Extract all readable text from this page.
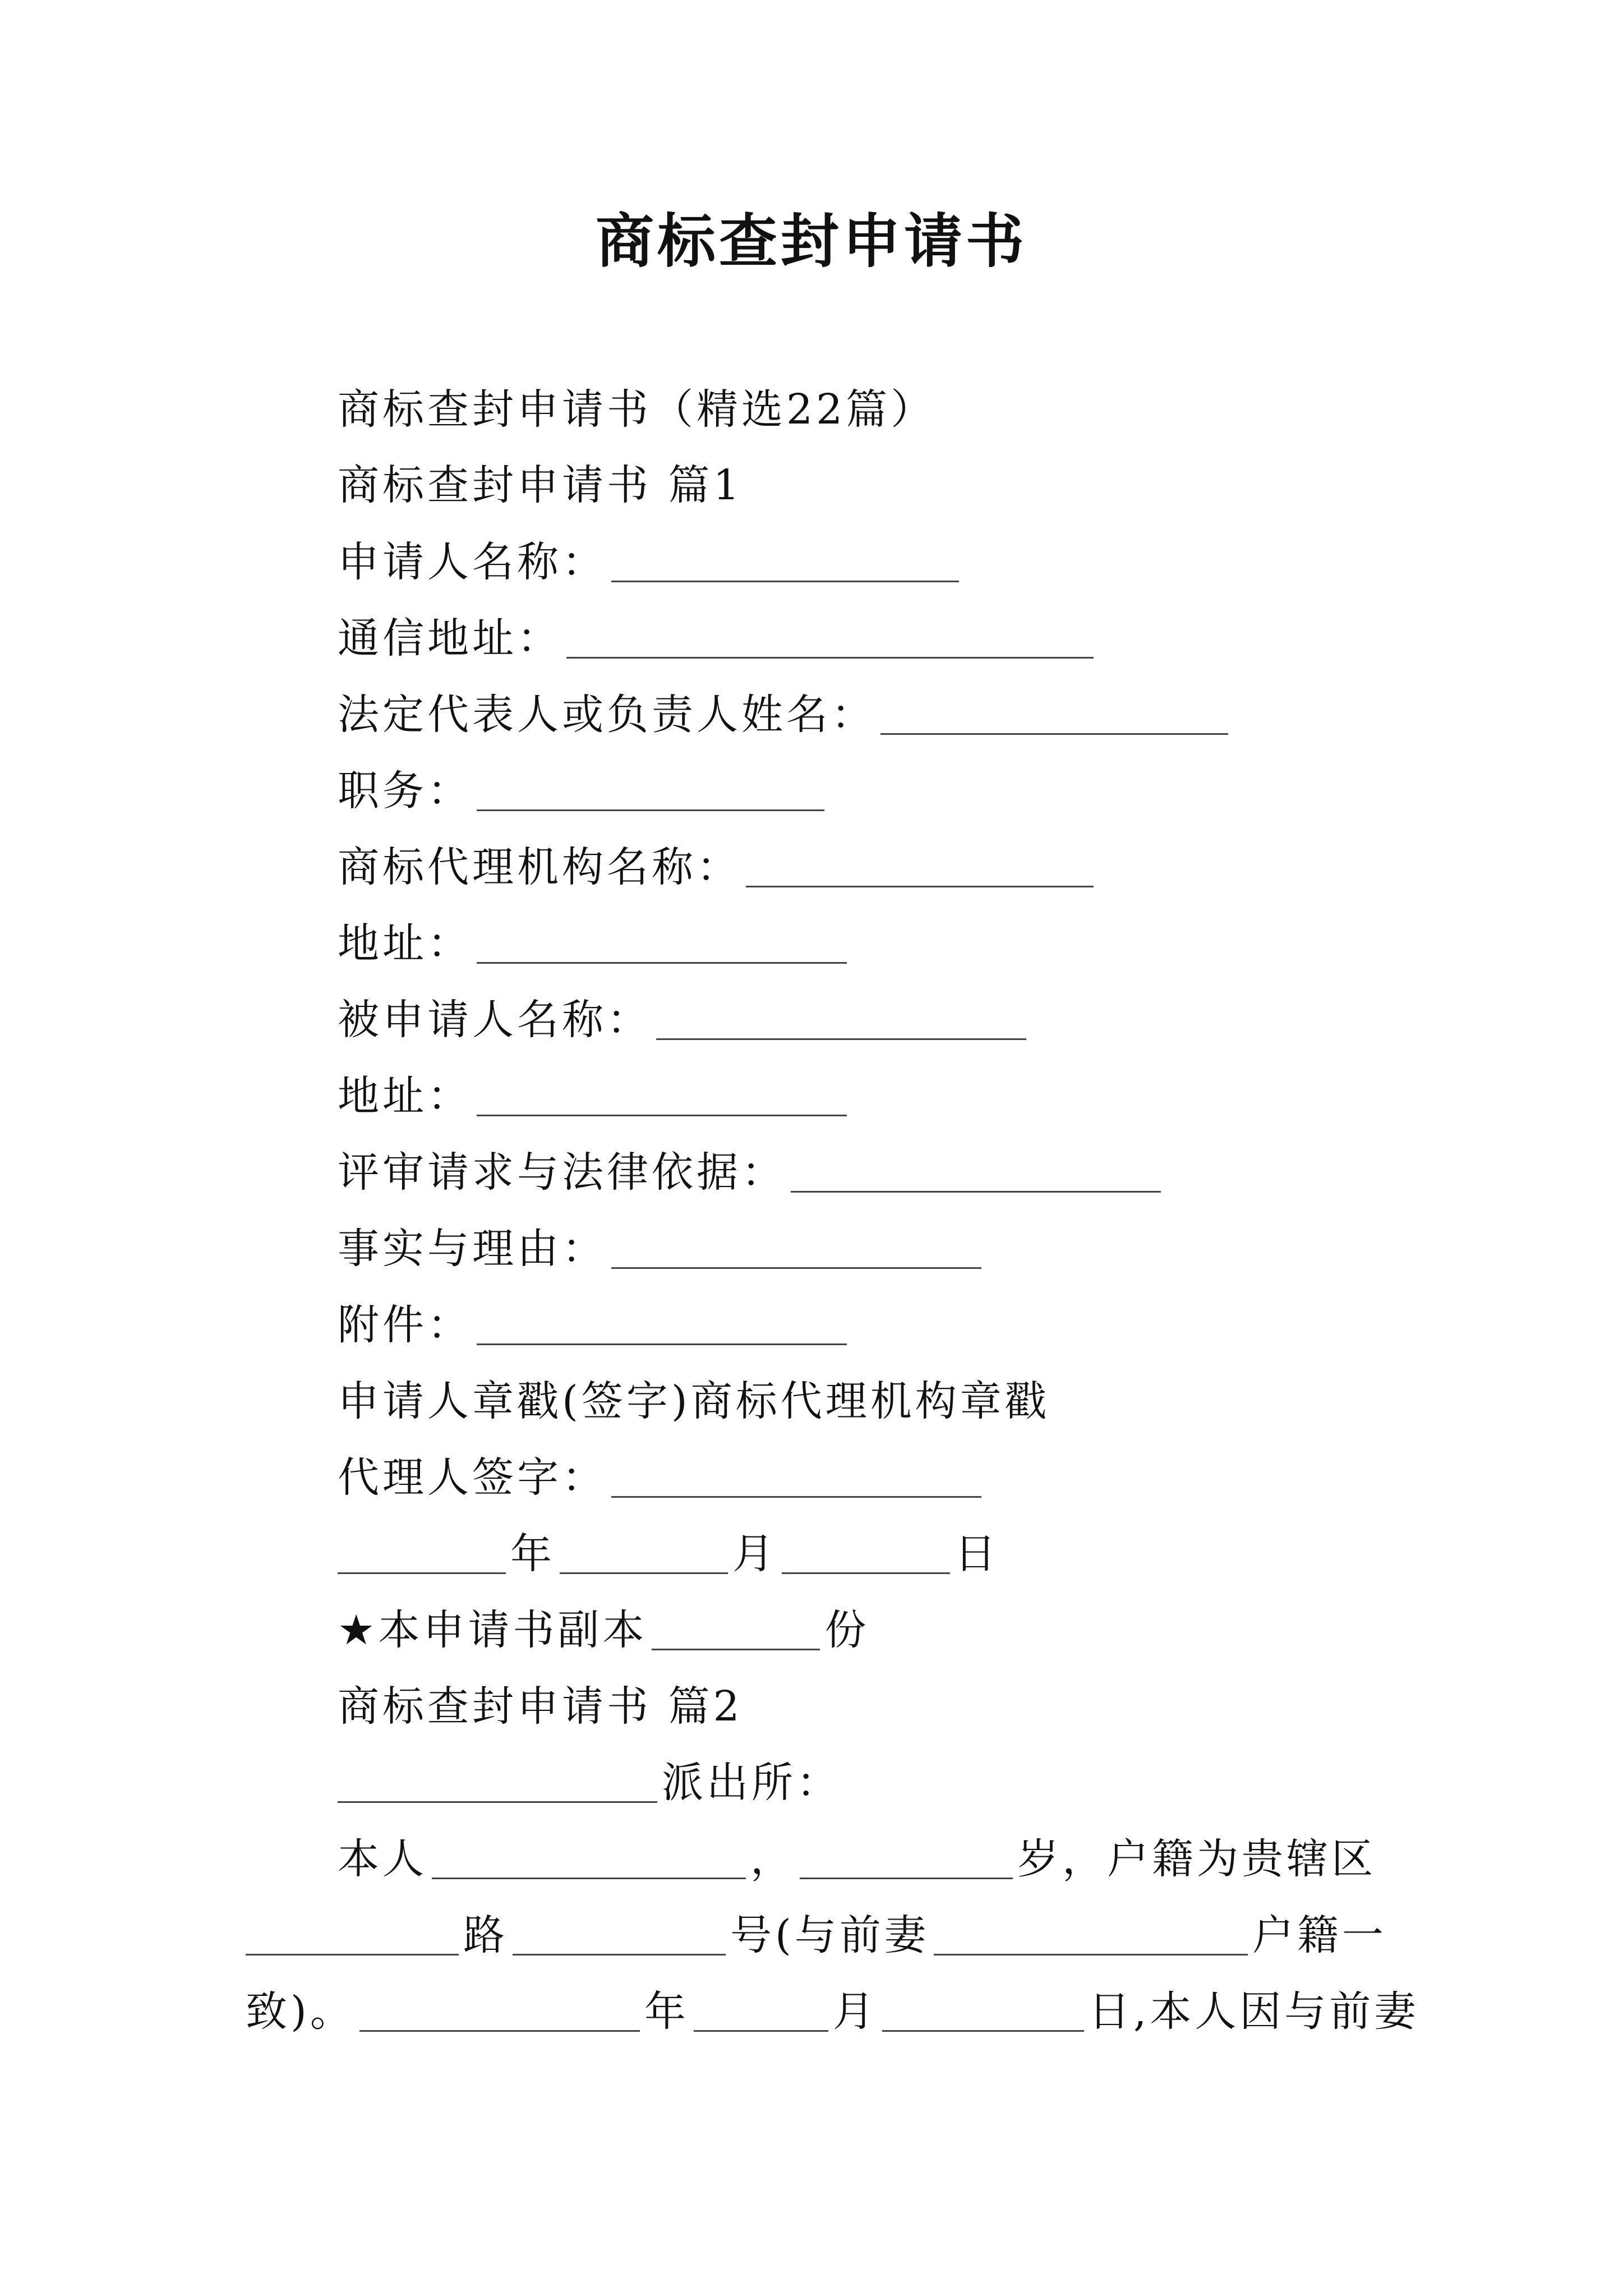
商标查封申请书
商标查封申请书（精选22篇）
商标查封申请书 篇1
申请人名称：
通信地址：
法定代表人或负责人姓名：
职务：
商标代理机构名称：
地址：
被申请人名称：
地址：
评审请求与法律依据：
事实与理由：
附件：
申请人章戳(签字)商标代理机构章戳
代理人签字：
年	月	日
★本申请书副本	份
商标查封申请书 篇2
派出所：
本人	，	岁，户籍为贵辖区
路	号(与前妻	户籍一
致)。	年	月	日,本人因与前妻
